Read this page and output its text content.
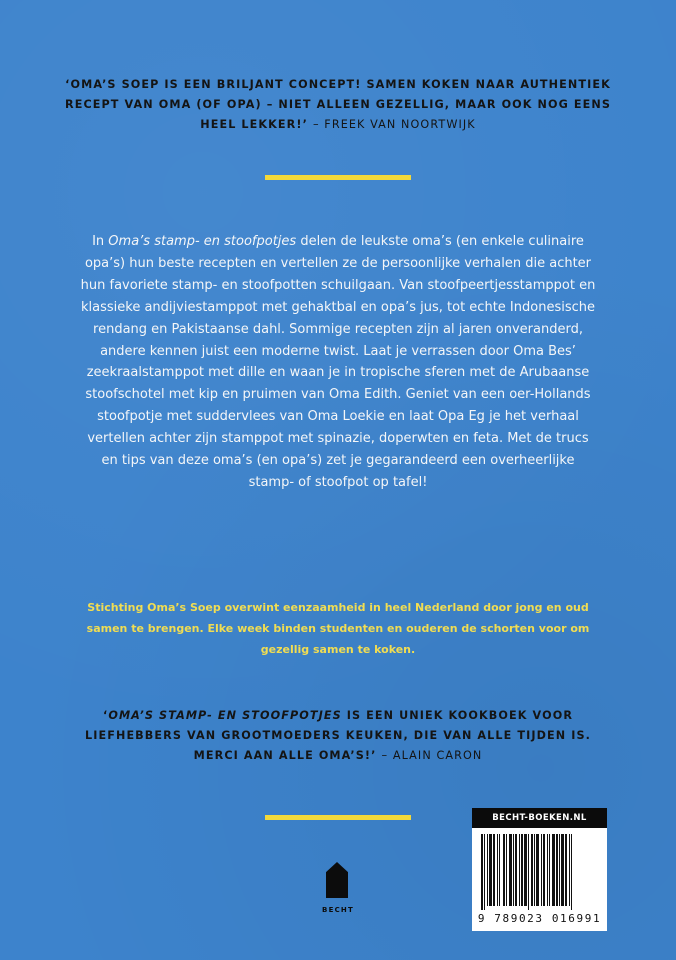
‘OMA’S SOEP IS EEN BRILJANT CONCEPT! SAMEN KOKEN NAAR AUTHENTIEK RECEPT VAN OMA (OF OPA) – NIET ALLEEN GEZELLIG, MAAR OOK NOG EENS HEEL LEKKER!’ – FREEK VAN NOORTWIJK
In Oma’s stamp- en stoofpotjes delen de leukste oma’s (en enkele culinaire opa’s) hun beste recepten en vertellen ze de persoonlijke verhalen die achter hun favoriete stamp- en stoofpotten schuilgaan. Van stoofpeertjesstamppot en klassieke andijviestamppot met gehaktbal en opa’s jus, tot echte Indonesische rendang en Pakistaanse dahl. Sommige recepten zijn al jaren onveranderd, andere kennen juist een moderne twist. Laat je verrassen door Oma Bes’ zeekraalstamppot met dille en waan je in tropische sferen met de Arubaanse stoofschotel met kip en pruimen van Oma Edith. Geniet van een oer-Hollands stoofpotje met suddervlees van Oma Loekie en laat Opa Eg je het verhaal vertellen achter zijn stamppot met spinazie, doperwten en feta. Met de trucs en tips van deze oma’s (en opa’s) zet je gegarandeerd een overheerlijke stamp- of stoofpot op tafel!
Stichting Oma’s Soep overwint eenzaamheid in heel Nederland door jong en oud samen te brengen. Elke week binden studenten en ouderen de schorten voor om gezellig samen te koken.
‘OMA’S STAMP- EN STOOFPOTJES IS EEN UNIEK KOOKBOEK VOOR LIEFHEBBERS VAN GROOTMOEDERS KEUKEN, DIE VAN ALLE TIJDEN IS. MERCI AAN ALLE OMA’S!’ – ALAIN CARON
BECHT
BECHT-BOEKEN.NL
9 789023 016991
